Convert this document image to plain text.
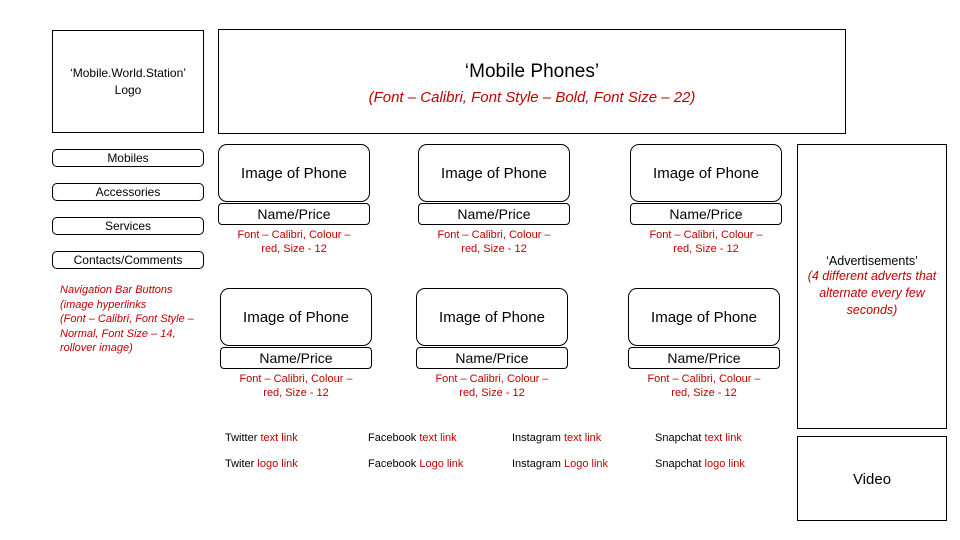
‘Mobile.World.Station’
Logo
‘Mobile Phones’
(Font – Calibri, Font Style – Bold, Font Size – 22)
Mobiles
Accessories
Services
Contacts/Comments
Navigation Bar Buttons
(image hyperlinks
(Font – Calibri, Font Style –
Normal, Font Size – 14,
rollover image)
Image of Phone
Name/Price
Font – Calibri, Colour –
red, Size - 12
Image of Phone
Name/Price
Font – Calibri, Colour –
red, Size - 12
Image of Phone
Name/Price
Font – Calibri, Colour –
red, Size - 12
Image of Phone
Name/Price
Font – Calibri, Colour –
red, Size - 12
Image of Phone
Name/Price
Font – Calibri, Colour –
red, Size - 12
Image of Phone
Name/Price
Font – Calibri, Colour –
red, Size - 12
‘Advertisements’
(4 different adverts that
alternate every few
seconds)
Video
Twitter text link	Facebook text link	Instagram text link	Snapchat text link
Twiter logo link	Facebook Logo link	Instagram Logo link	Snapchat logo link
